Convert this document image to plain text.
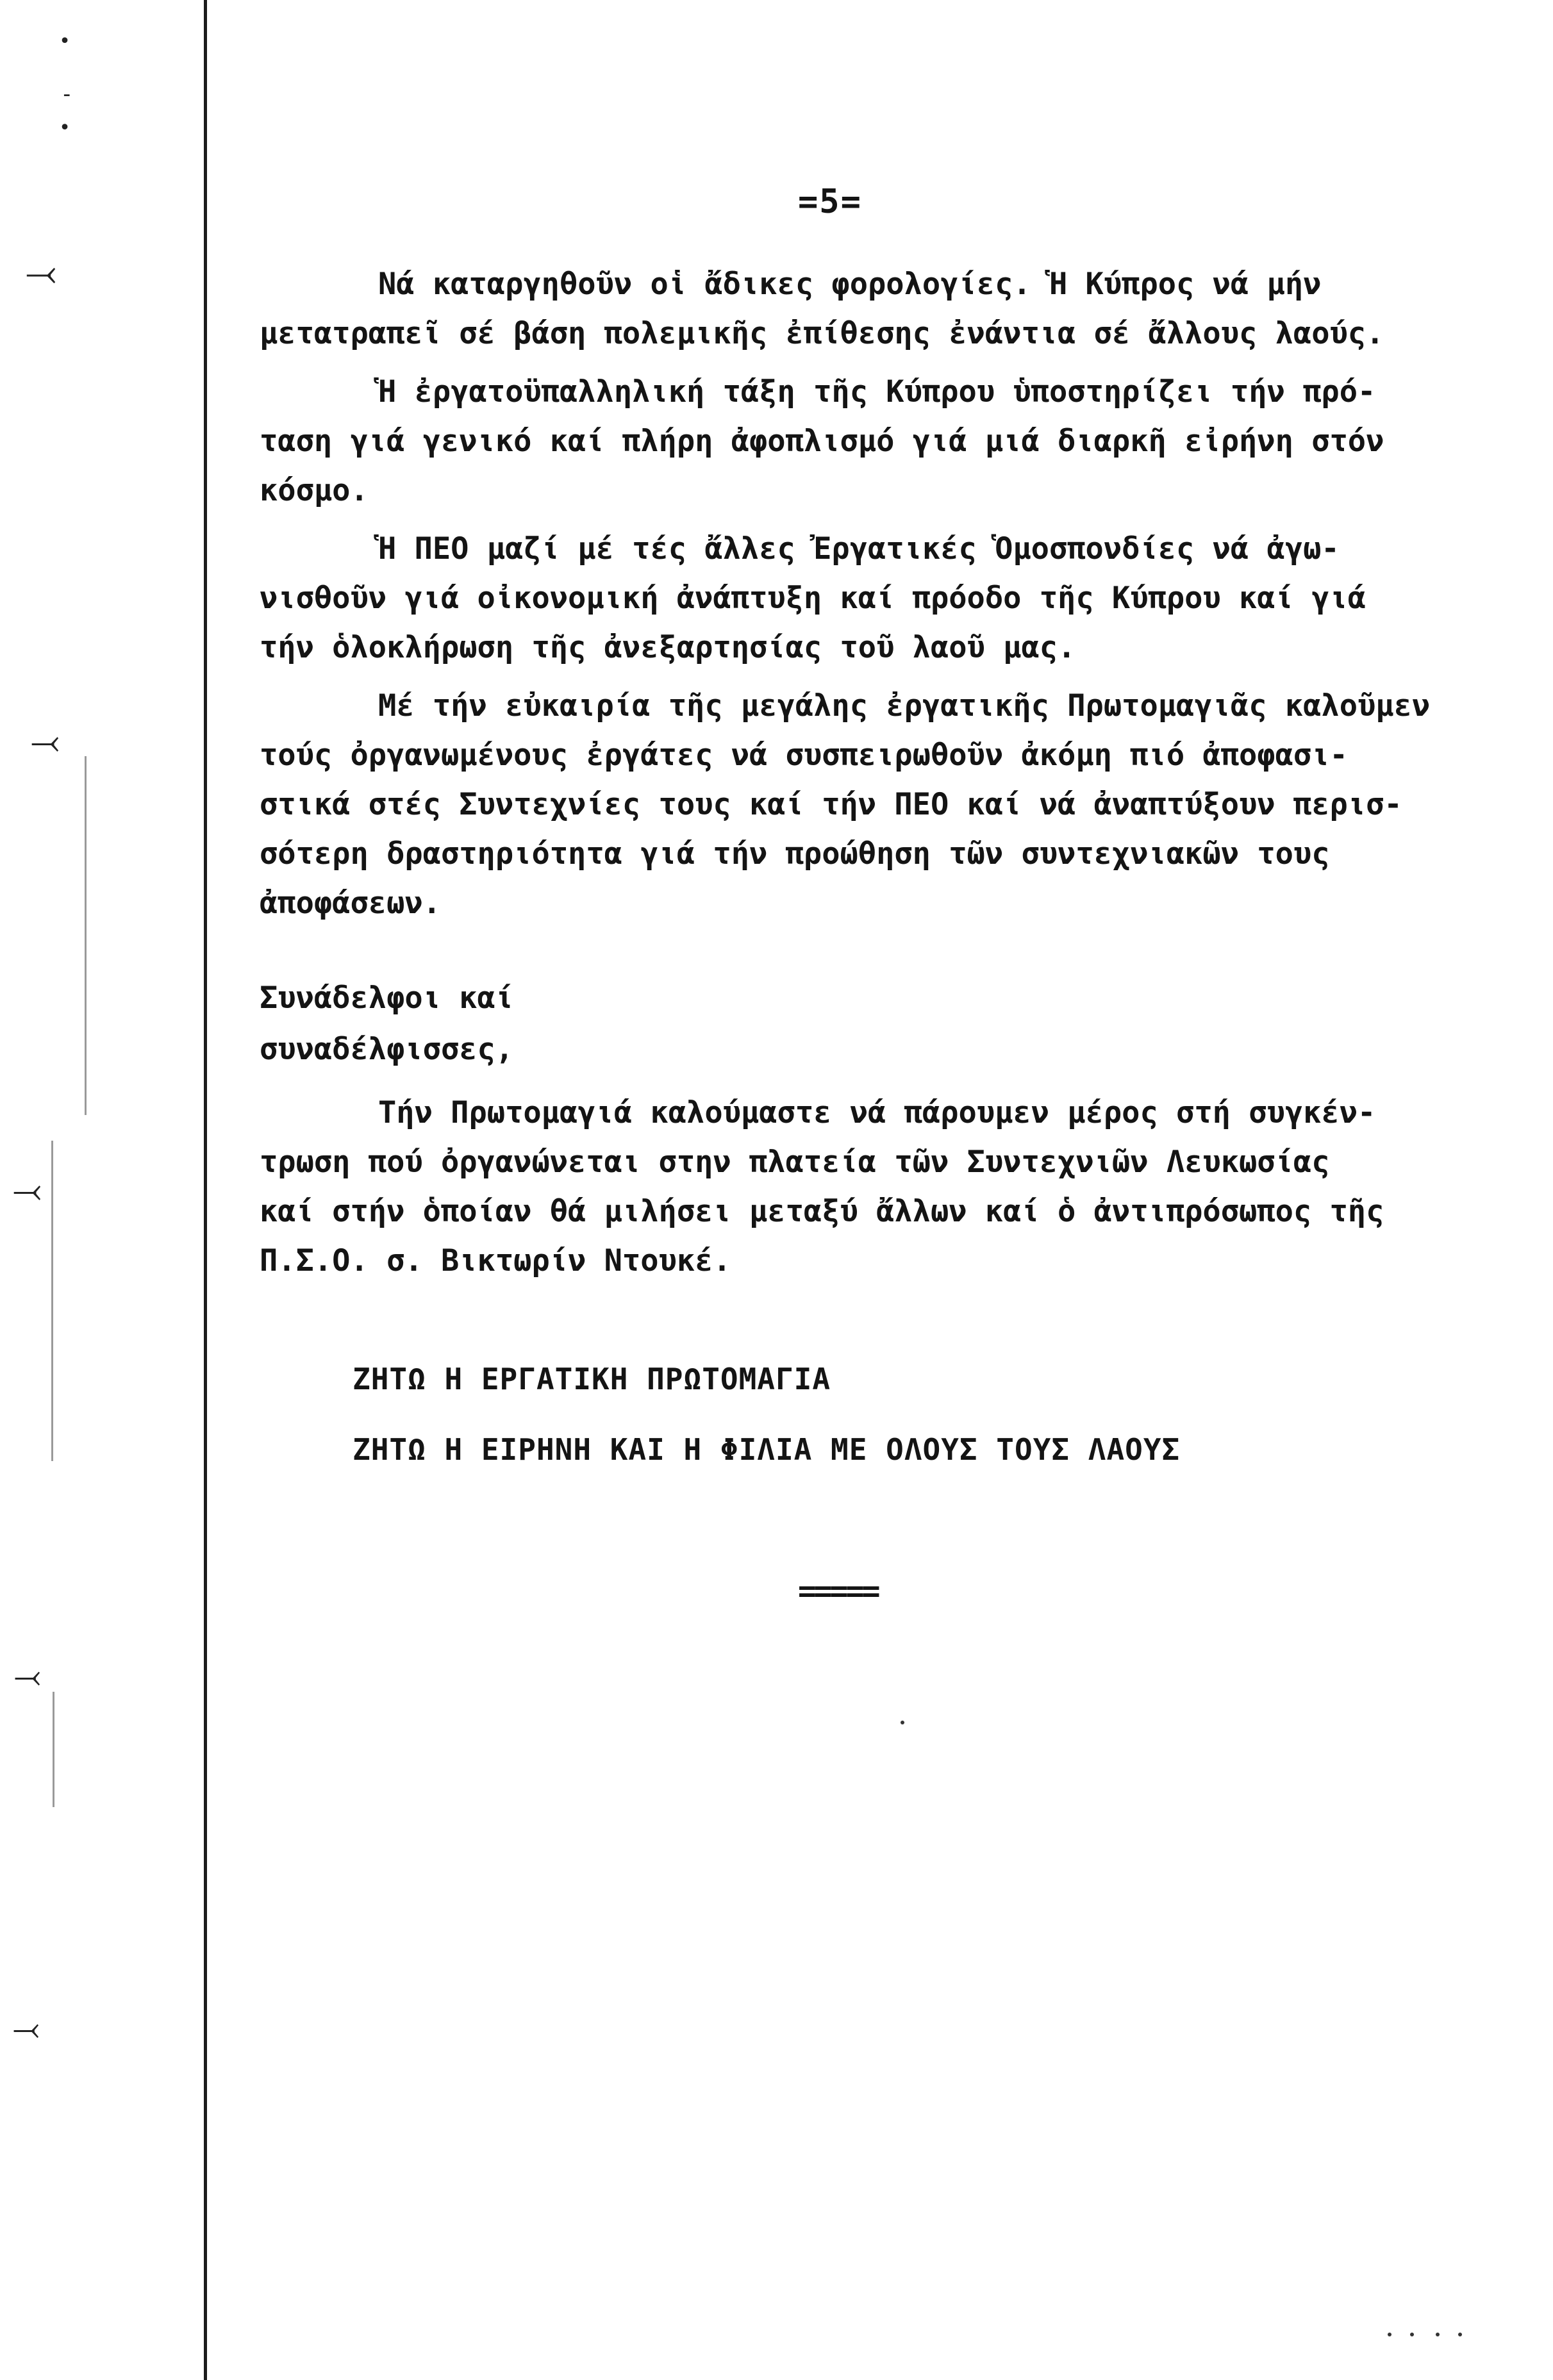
•
-
•
⤙
⤙
⤙
⤙
⤙
=5=

Νά καταργηθοῦν οἱ ἄδικες φορολογίες. Ἡ Κύπρος νά μήν
μετατραπεῖ σέ βάση πολεμικῆς ἐπίθεσης ἐνάντια σέ ἄλλους λαούς.

Ἡ ἐργατοϋπαλληλική τάξη τῆς Κύπρου ὑποστηρίζει τήν πρό-
ταση γιά γενικό καί πλήρη ἀφοπλισμό γιά μιά διαρκῆ εἰρήνη στόν
κόσμο.

Ἡ ΠΕΟ μαζί μέ τές ἄλλες Ἐργατικές Ὁμοσπονδίες νά ἀγω-
νισθοῦν γιά οἰκονομική ἀνάπτυξη καί πρόοδο τῆς Κύπρου καί γιά
τήν ὁλοκλήρωση τῆς ἀνεξαρτησίας τοῦ λαοῦ μας.

Μέ τήν εὐκαιρία τῆς μεγάλης ἐργατικῆς Πρωτομαγιᾶς καλοῦμεν
τούς ὀργανωμένους ἐργάτες νά συσπειρωθοῦν ἀκόμη πιό ἀποφασι-
στικά στές Συντεχνίες τους καί τήν ΠΕΟ καί νά ἀναπτύξουν περισ-
σότερη δραστηριότητα γιά τήν προώθηση τῶν συντεχνιακῶν τους
ἀποφάσεων.

Συνάδελφοι καί
συναδέλφισσες,

Τήν Πρωτομαγιά καλούμαστε νά πάρουμεν μέρος στή συγκέν-
τρωση πού ὀργανώνεται στην πλατεία τῶν Συντεχνιῶν Λευκωσίας
καί στήν ὁποίαν θά μιλήσει μεταξύ ἄλλων καί ὁ ἀντιπρόσωπος τῆς
Π.Σ.Ο. σ. Βικτωρίν Ντουκέ.

ΖΗΤΩ Η ΕΡΓΑΤΙΚΗ ΠΡΩΤΟΜΑΓΙΑ
ΖΗΤΩ Η ΕΙΡΗΝΗ ΚΑΙ Η ΦΙΛΙΑ ΜΕ ΟΛΟΥΣ ΤΟΥΣ ΛΑΟΥΣ
=====
